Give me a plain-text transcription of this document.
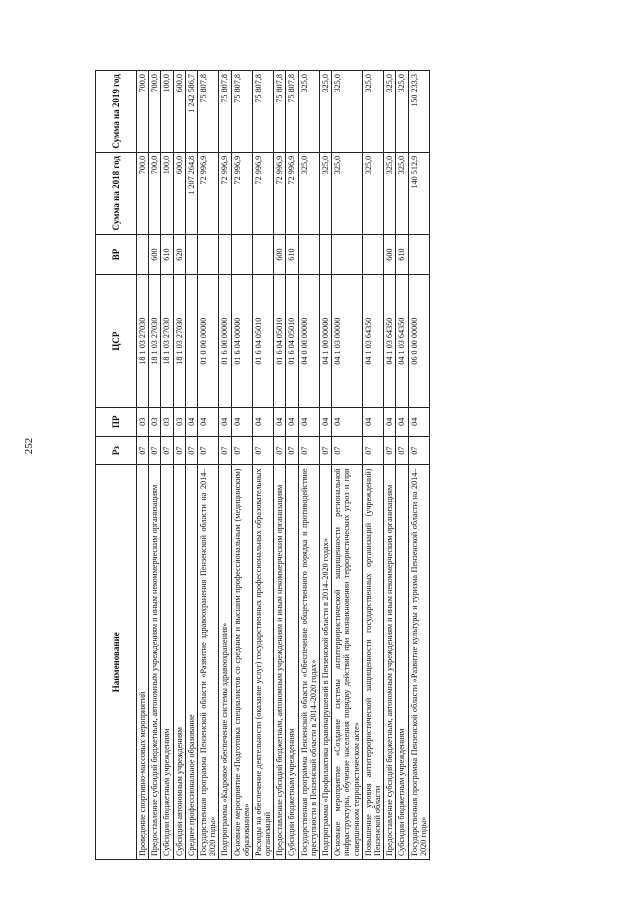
252
Наименование	Рз	ПР	ЦСР	ВР	Сумма на 2018 год	Сумма на 2019 год
Проведение спортивно-массовых мероприятий	07	03	18 1 03 27030		700,0	700,0
Предоставление субсидий бюджетным, автономным учреждениям и иным некоммерческим организациям	07	03	18 1 03 27030	600	700,0	700,0
Субсидии бюджетным учреждениям	07	03	18 1 03 27030	610	100,0	100,0
Субсидии автономным учреждениям	07	03	18 1 03 27030	620	600,0	600,0
Среднее профессиональное образование	07	04			1 207 264,8	1 242 586,7
Государственная программа Пензенской области «Развитие здравоохранения Пензенской области на 2014–2020 годы»	07	04	01 0 00 00000		72 996,9	75 807,8
Подпрограмма «Кадровое обеспечение системы здравоохранения»	07	04	01 6 00 00000		72 996,9	75 807,8
Основное мероприятие «Подготовка специалистов со средним и высшим профессиональным (медицинским) образованием»	07	04	01 6 04 00000		72 996,9	75 807,8
Расходы на обеспечение деятельности (оказание услуг) государственных профессиональных образовательных организаций	07	04	01 6 04 05010		72 996,9	75 807,8
Предоставление субсидий бюджетным, автономным учреждениям и иным некоммерческим организациям	07	04	01 6 04 05010	600	72 996,9	75 807,8
Субсидии бюджетным учреждениям	07	04	01 6 04 05010	610	72 996,9	75 807,8
Государственная программа Пензенской области «Обеспечение общественного порядка и противодействие преступности в Пензенской области в 2014–2020 годах»	07	04	04 0 00 00000		325,0	325,0
Подпрограмма «Профилактика правонарушений в Пензенской области в 2014–2020 годах»	07	04	04 1 00 00000		325,0	325,0
Основное мероприятие «Создание системы антитеррористической защищенности региональной инфраструктуры, обучение населения порядку действий при возникновении террористических угроз и при совершенном террористическом акте»	07	04	04 1 03 00000		325,0	325,0
Повышение уровня антитеррористической защищенности государственных организаций (учреждений) Пензенской области	07	04	04 1 03 64350		325,0	325,0
Предоставление субсидий бюджетным, автономным учреждениям и иным некоммерческим организациям	07	04	04 1 03 64350	600	325,0	325,0
Субсидии бюджетным учреждениям	07	04	04 1 03 64350	610	325,0	325,0
Государственная программа Пензенской области «Развитие культуры и туризма Пензенской области на 2014–2020 годы»	07	04	06 0 00 00000		140 512,9	150 233,3
